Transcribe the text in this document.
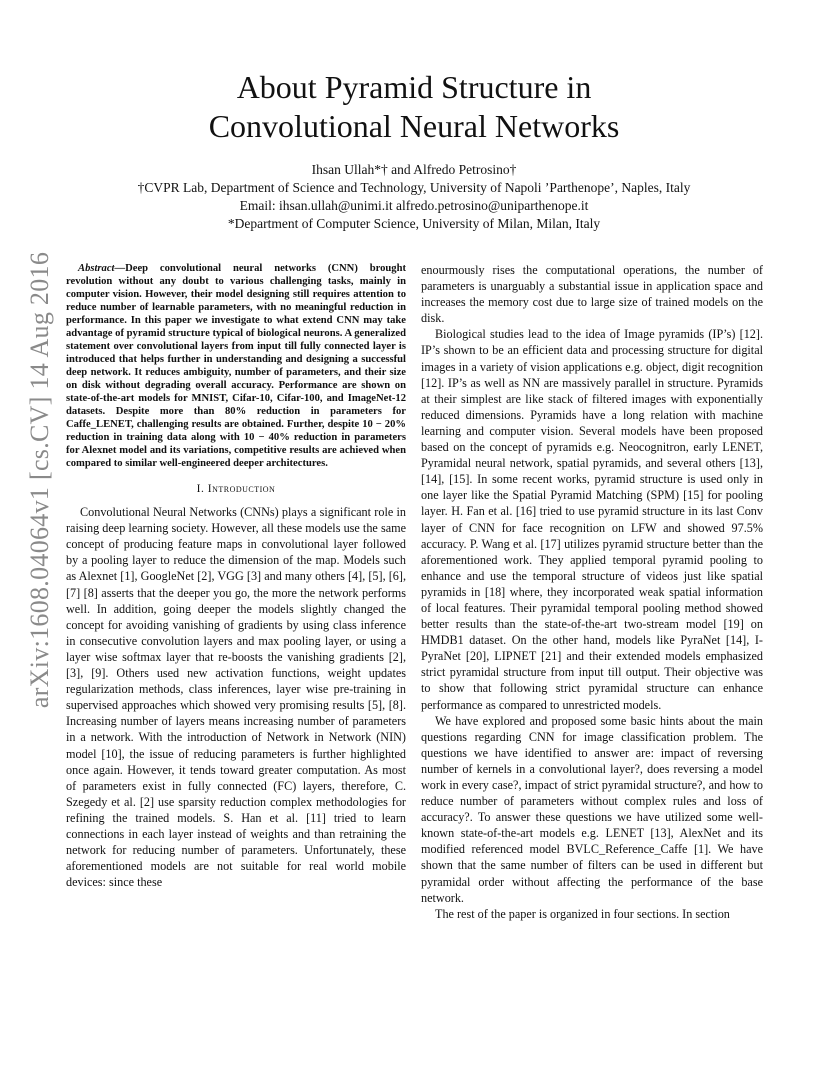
arXiv:1608.04064v1 [cs.CV] 14 Aug 2016
About Pyramid Structure in
Convolutional Neural Networks
Ihsan Ullah*† and Alfredo Petrosino†
†CVPR Lab, Department of Science and Technology, University of Napoli ’Parthenope’, Naples, Italy
Email: ihsan.ullah@unimi.it alfredo.petrosino@uniparthenope.it
*Department of Computer Science, University of Milan, Milan, Italy

Abstract—Deep convolutional neural networks (CNN) brought revolution without any doubt to various challenging tasks, mainly in computer vision. However, their model designing still requires attention to reduce number of learnable parameters, with no meaningful reduction in performance. In this paper we investigate to what extend CNN may take advantage of pyramid structure typical of biological neurons. A generalized statement over convolutional layers from input till fully connected layer is introduced that helps further in understanding and designing a successful deep network. It reduces ambiguity, number of parameters, and their size on disk without degrading overall accuracy. Performance are shown on state-of-the-art models for MNIST, Cifar-10, Cifar-100, and ImageNet-12 datasets. Despite more than 80% reduction in parameters for Caffe_LENET, challenging results are obtained. Further, despite 10 − 20% reduction in training data along with 10 − 40% reduction in parameters for Alexnet model and its variations, competitive results are achieved when compared to similar well-engineered deeper architectures.

I. Introduction

Convolutional Neural Networks (CNNs) plays a significant role in raising deep learning society. However, all these models use the same concept of producing feature maps in convolutional layer followed by a pooling layer to reduce the dimension of the map. Models such as Alexnet [1], GoogleNet [2], VGG [3] and many others [4], [5], [6], [7] [8] asserts that the deeper you go, the more the network performs well. In addition, going deeper the models slightly changed the concept for avoiding vanishing of gradients by using class inference in consecutive convolution layers and max pooling layer, or using a layer wise softmax layer that re-boosts the vanishing gradients [2], [3], [9]. Others used new activation functions, weight updates regularization methods, class inferences, layer wise pre-training in supervised approaches which showed very promising results [5], [8]. Increasing number of layers means increasing number of parameters in a network. With the introduction of Network in Network (NIN) model [10], the issue of reducing parameters is further highlighted once again. However, it tends toward greater computation. As most of parameters exist in fully connected (FC) layers, therefore, C. Szegedy et al. [2] use sparsity reduction complex methodologies for refining the trained models. S. Han et al. [11] tried to learn connections in each layer instead of weights and than retraining the network for reducing number of parameters. Unfortunately, these aforementioned models are not suitable for real world mobile devices: since these

enourmously rises the computational operations, the number of parameters is unarguably a substantial issue in application space and increases the memory cost due to large size of trained models on the disk.

Biological studies lead to the idea of Image pyramids (IP’s) [12]. IP’s shown to be an efficient data and processing structure for digital images in a variety of vision applications e.g. object, digit recognition [12]. IP’s as well as NN are massively parallel in structure. Pyramids at their simplest are like stack of filtered images with exponentially reduced dimensions. Pyramids have a long relation with machine learning and computer vision. Several models have been proposed based on the concept of pyramids e.g. Neocognitron, early LENET, Pyramidal neural network, spatial pyramids, and several others [13], [14], [15]. In some recent works, pyramid structure is used only in one layer like the Spatial Pyramid Matching (SPM) [15] for pooling layer. H. Fan et al. [16] tried to use pyramid structure in its last Conv layer of CNN for face recognition on LFW and showed 97.5% accuracy. P. Wang et al. [17] utilizes pyramid structure better than the aforementioned work. They applied temporal pyramid pooling to enhance and use the temporal structure of videos just like spatial pyramids in [18] where, they incorporated weak spatial information of local features. Their pyramidal temporal pooling method showed better results than the state-of-the-art two-stream model [19] on HMDB1 dataset. On the other hand, models like PyraNet [14], I-PyraNet [20], LIPNET [21] and their extended models emphasized strict pyramidal structure from input till output. Their objective was to show that following strict pyramidal structure can enhance performance as compared to unrestricted models.

We have explored and proposed some basic hints about the main questions regarding CNN for image classification problem. The questions we have identified to answer are: impact of reversing number of kernels in a convolutional layer?, does reversing a model work in every case?, impact of strict pyramidal structure?, and how to reduce number of parameters without complex rules and loss of accuracy?. To answer these questions we have utilized some well-known state-of-the-art models e.g. LENET [13], AlexNet and its modified referenced model BVLC_Reference_Caffe [1]. We have shown that the same number of filters can be used in different but pyramidal order without affecting the performance of the base network.

The rest of the paper is organized in four sections. In section
